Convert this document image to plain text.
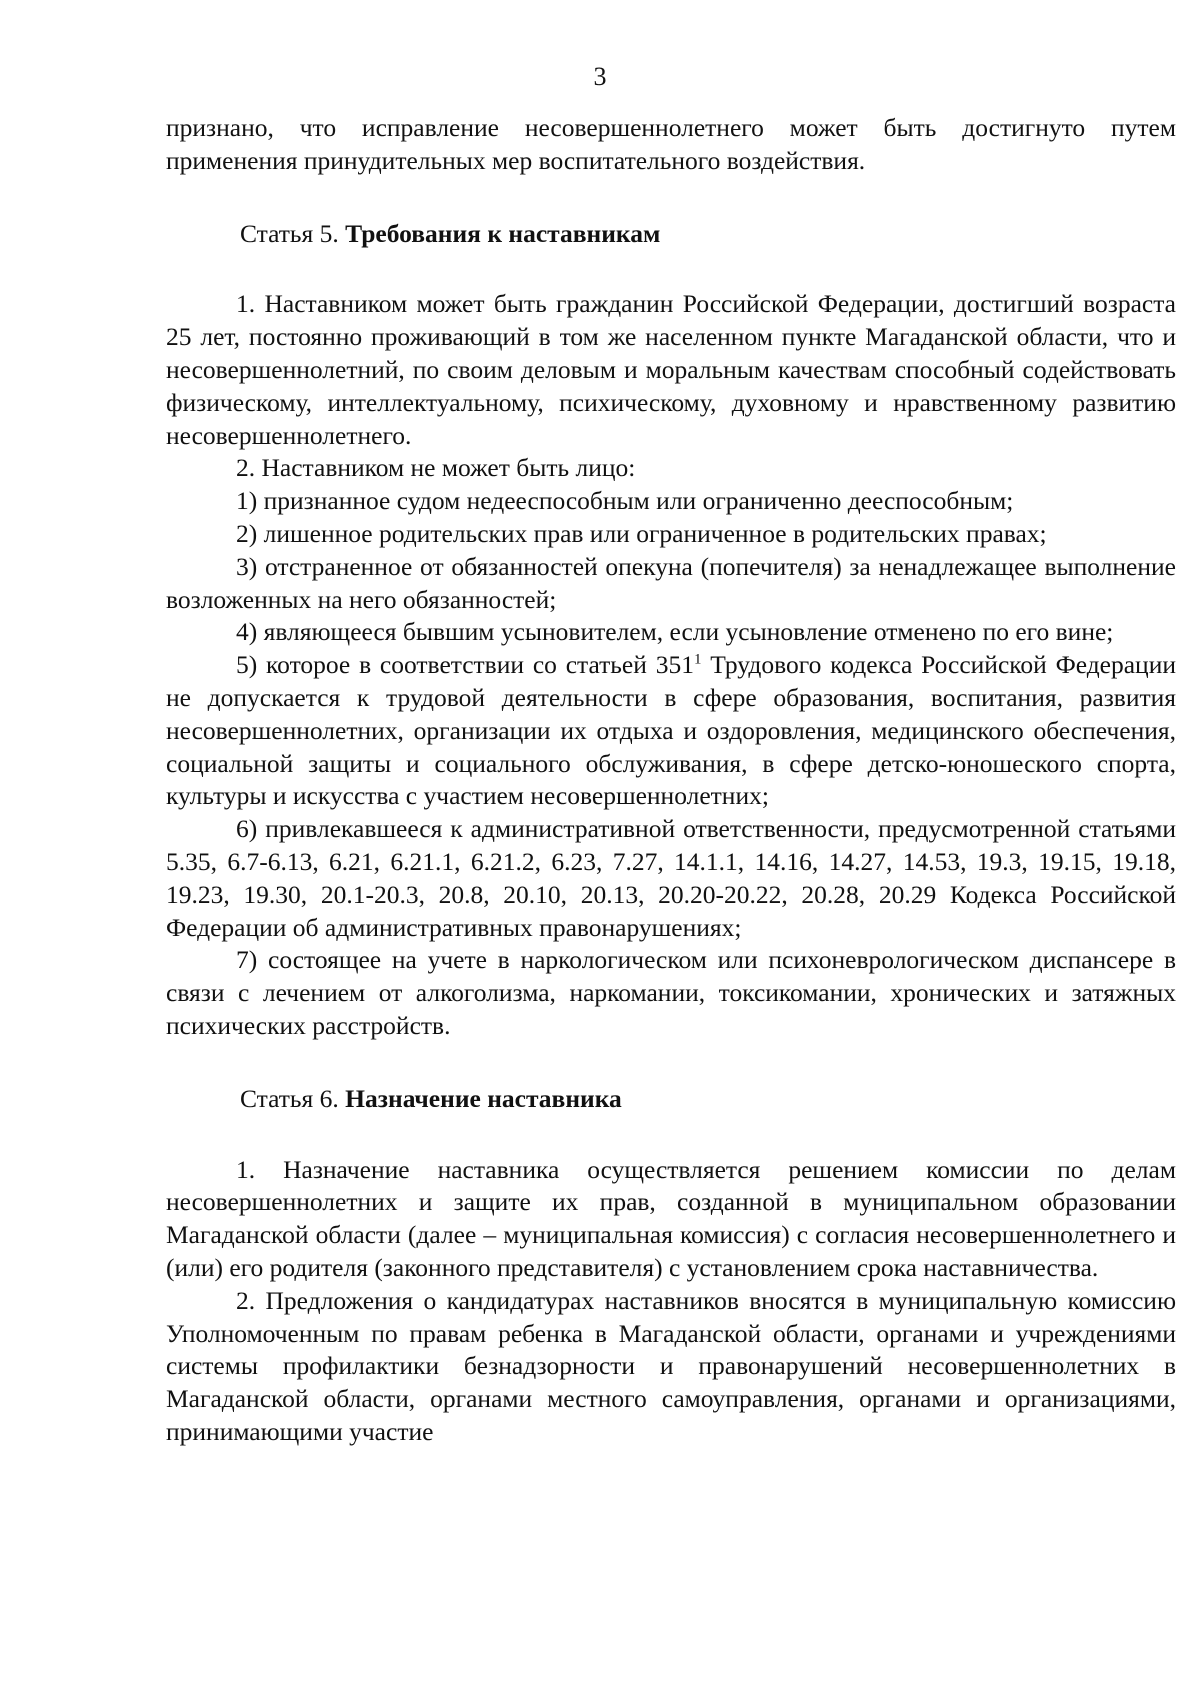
3

признано, что исправление несовершеннолетнего может быть достигнуто путем применения принудительных мер воспитательного воздействия.

Статья 5. Требования к наставникам

1. Наставником может быть гражданин Российской Федерации, достигший возраста 25 лет, постоянно проживающий в том же населенном пункте Магаданской области, что и несовершеннолетний, по своим деловым и моральным качествам способный содействовать физическому, интеллектуальному, психическому, духовному и нравственному развитию несовершеннолетнего.

2. Наставником не может быть лицо:

1) признанное судом недееспособным или ограниченно дееспособным;

2) лишенное родительских прав или ограниченное в родительских правах;

3) отстраненное от обязанностей опекуна (попечителя) за ненадлежащее выполнение возложенных на него обязанностей;

4) являющееся бывшим усыновителем, если усыновление отменено по его вине;

5) которое в соответствии со статьей $351^1$ Трудового кодекса Российской Федерации не допускается к трудовой деятельности в сфере образования, воспитания, развития несовершеннолетних, организации их отдыха и оздоровления, медицинского обеспечения, социальной защиты и социального обслуживания, в сфере детско-юношеского спорта, культуры и искусства с участием несовершеннолетних;

6) привлекавшееся к административной ответственности, предусмотренной статьями 5.35, 6.7-6.13, 6.21, 6.21.1, 6.21.2, 6.23, 7.27, 14.1.1, 14.16, 14.27, 14.53, 19.3, 19.15, 19.18, 19.23, 19.30, 20.1-20.3, 20.8, 20.10, 20.13, 20.20-20.22, 20.28, 20.29 Кодекса Российской Федерации об административных правонарушениях;

7) состоящее на учете в наркологическом или психоневрологическом диспансере в связи с лечением от алкоголизма, наркомании, токсикомании, хронических и затяжных психических расстройств.

Статья 6. Назначение наставника

1. Назначение наставника осуществляется решением комиссии по делам несовершеннолетних и защите их прав, созданной в муниципальном образовании Магаданской области (далее – муниципальная комиссия) с согласия несовершеннолетнего и (или) его родителя (законного представителя) с установлением срока наставничества.

2. Предложения о кандидатурах наставников вносятся в муниципальную комиссию Уполномоченным по правам ребенка в Магаданской области, органами и учреждениями системы профилактики безнадзорности и правонарушений несовершеннолетних в Магаданской области, органами местного самоуправления, органами и организациями, принимающими участие
